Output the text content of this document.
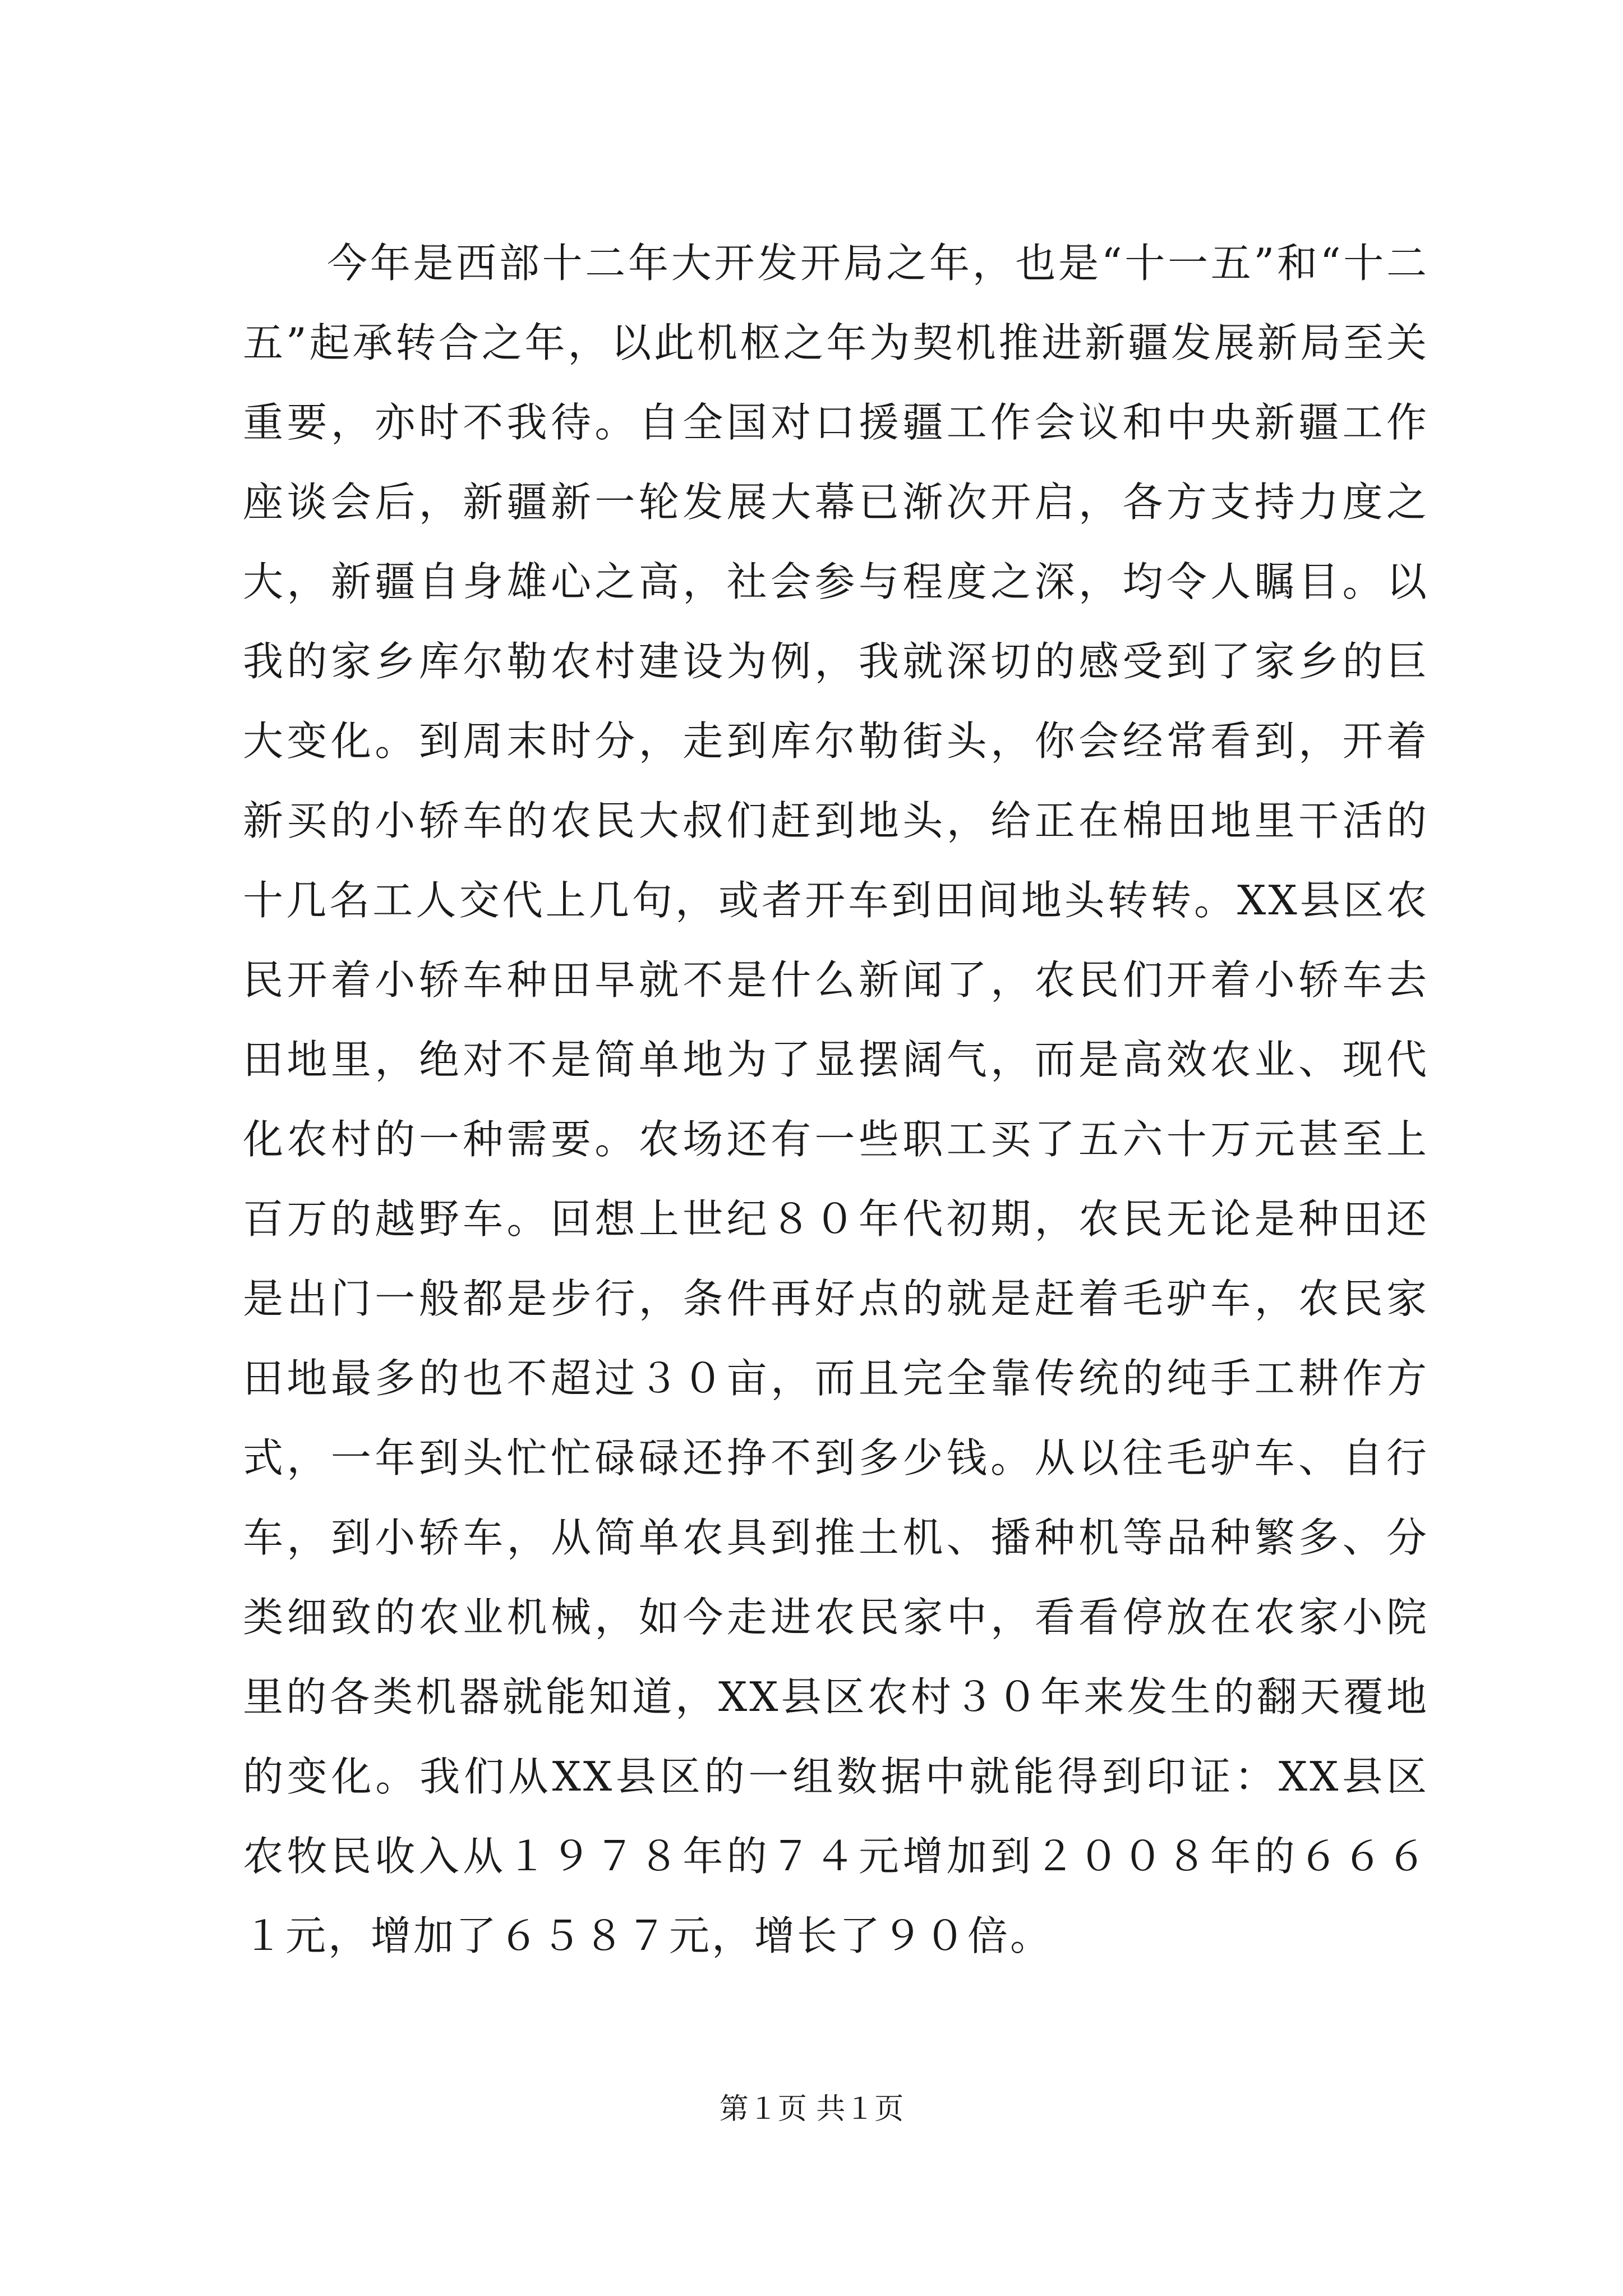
今年是西部十二年大开发开局之年，也是“十一五”和“十二五”起承转合之年，以此机枢之年为契机推进新疆发展新局至关重要，亦时不我待。自全国对口援疆工作会议和中央新疆工作座谈会后，新疆新一轮发展大幕已渐次开启，各方支持力度之大，新疆自身雄心之高，社会参与程度之深，均令人瞩目。以我的家乡库尔勒农村建设为例，我就深切的感受到了家乡的巨大变化。到周末时分，走到库尔勒街头，你会经常看到，开着新买的小轿车的农民大叔们赶到地头，给正在棉田地里干活的十几名工人交代上几句，或者开车到田间地头转转。XX县区农民开着小轿车种田早就不是什么新闻了，农民们开着小轿车去田地里，绝对不是简单地为了显摆阔气，而是高效农业、现代化农村的一种需要。农场还有一些职工买了五六十万元甚至上百万的越野车。回想上世纪８０年代初期，农民无论是种田还是出门一般都是步行，条件再好点的就是赶着毛驴车，农民家田地最多的也不超过３０亩，而且完全靠传统的纯手工耕作方式，一年到头忙忙碌碌还挣不到多少钱。从以往毛驴车、自行车，到小轿车，从简单农具到推土机、播种机等品种繁多、分类细致的农业机械，如今走进农民家中，看看停放在农家小院里的各类机器就能知道，XX县区农村３０年来发生的翻天覆地的变化。我们从XX县区的一组数据中就能得到印证：XX县区农牧民收入从１９７８年的７４元增加到２００８年的６６６１元，增加了６５８７元，增长了９０倍。

第１页 共１页
